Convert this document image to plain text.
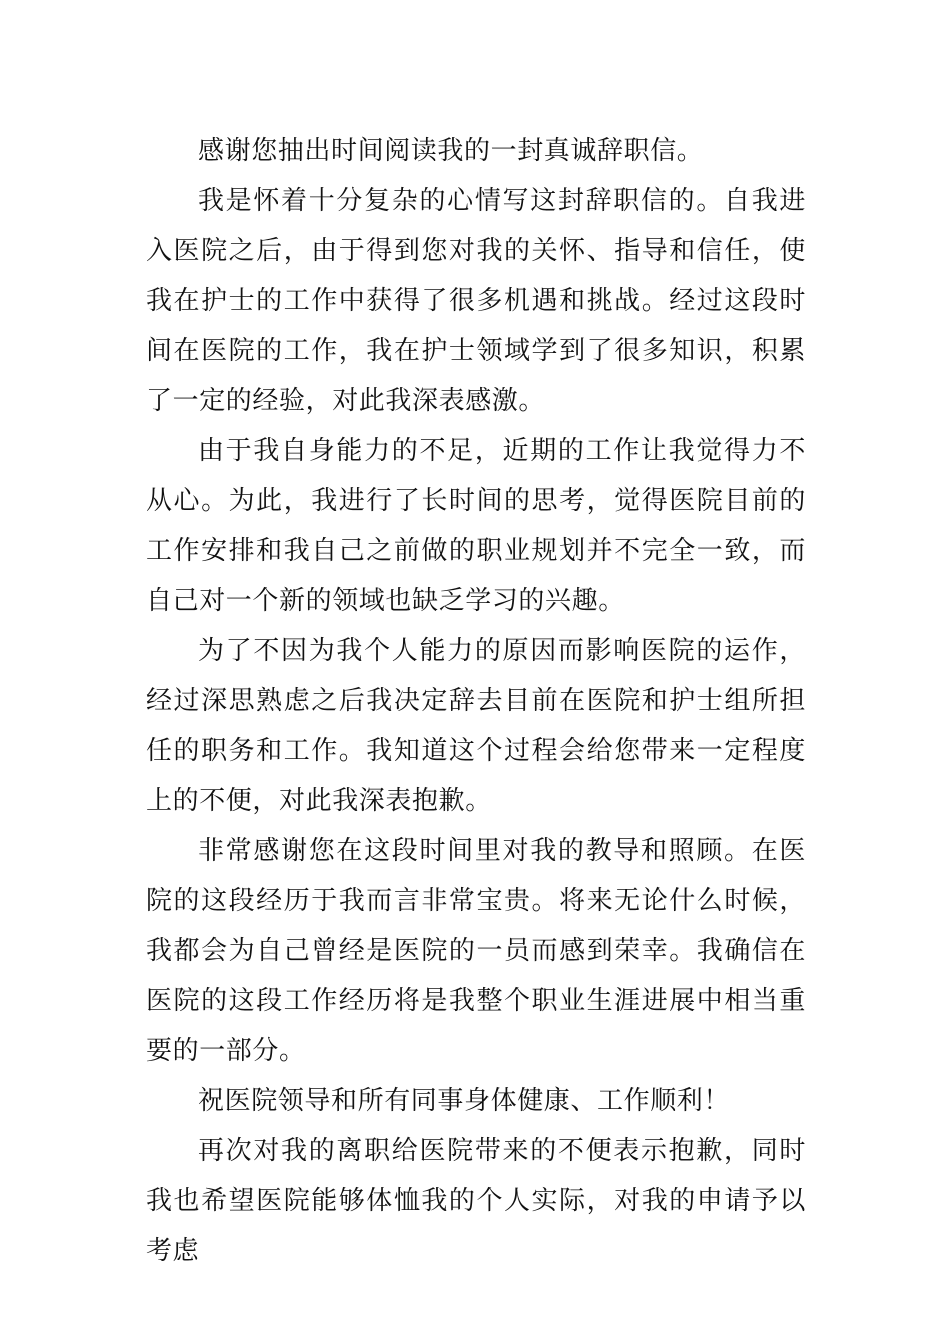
感谢您抽出时间阅读我的一封真诚辞职信。

我是怀着十分复杂的心情写这封辞职信的。自我进入医院之后，由于得到您对我的关怀、指导和信任，使我在护士的工作中获得了很多机遇和挑战。经过这段时间在医院的工作，我在护士领域学到了很多知识，积累了一定的经验，对此我深表感激。

由于我自身能力的不足，近期的工作让我觉得力不从心。为此，我进行了长时间的思考，觉得医院目前的工作安排和我自己之前做的职业规划并不完全一致，而自己对一个新的领域也缺乏学习的兴趣。

为了不因为我个人能力的原因而影响医院的运作，经过深思熟虑之后我决定辞去目前在医院和护士组所担任的职务和工作。我知道这个过程会给您带来一定程度上的不便，对此我深表抱歉。

非常感谢您在这段时间里对我的教导和照顾。在医院的这段经历于我而言非常宝贵。将来无论什么时候，我都会为自己曾经是医院的一员而感到荣幸。我确信在医院的这段工作经历将是我整个职业生涯进展中相当重要的一部分。

祝医院领导和所有同事身体健康、工作顺利！

再次对我的离职给医院带来的不便表示抱歉，同时我也希望医院能够体恤我的个人实际，对我的申请予以考虑
